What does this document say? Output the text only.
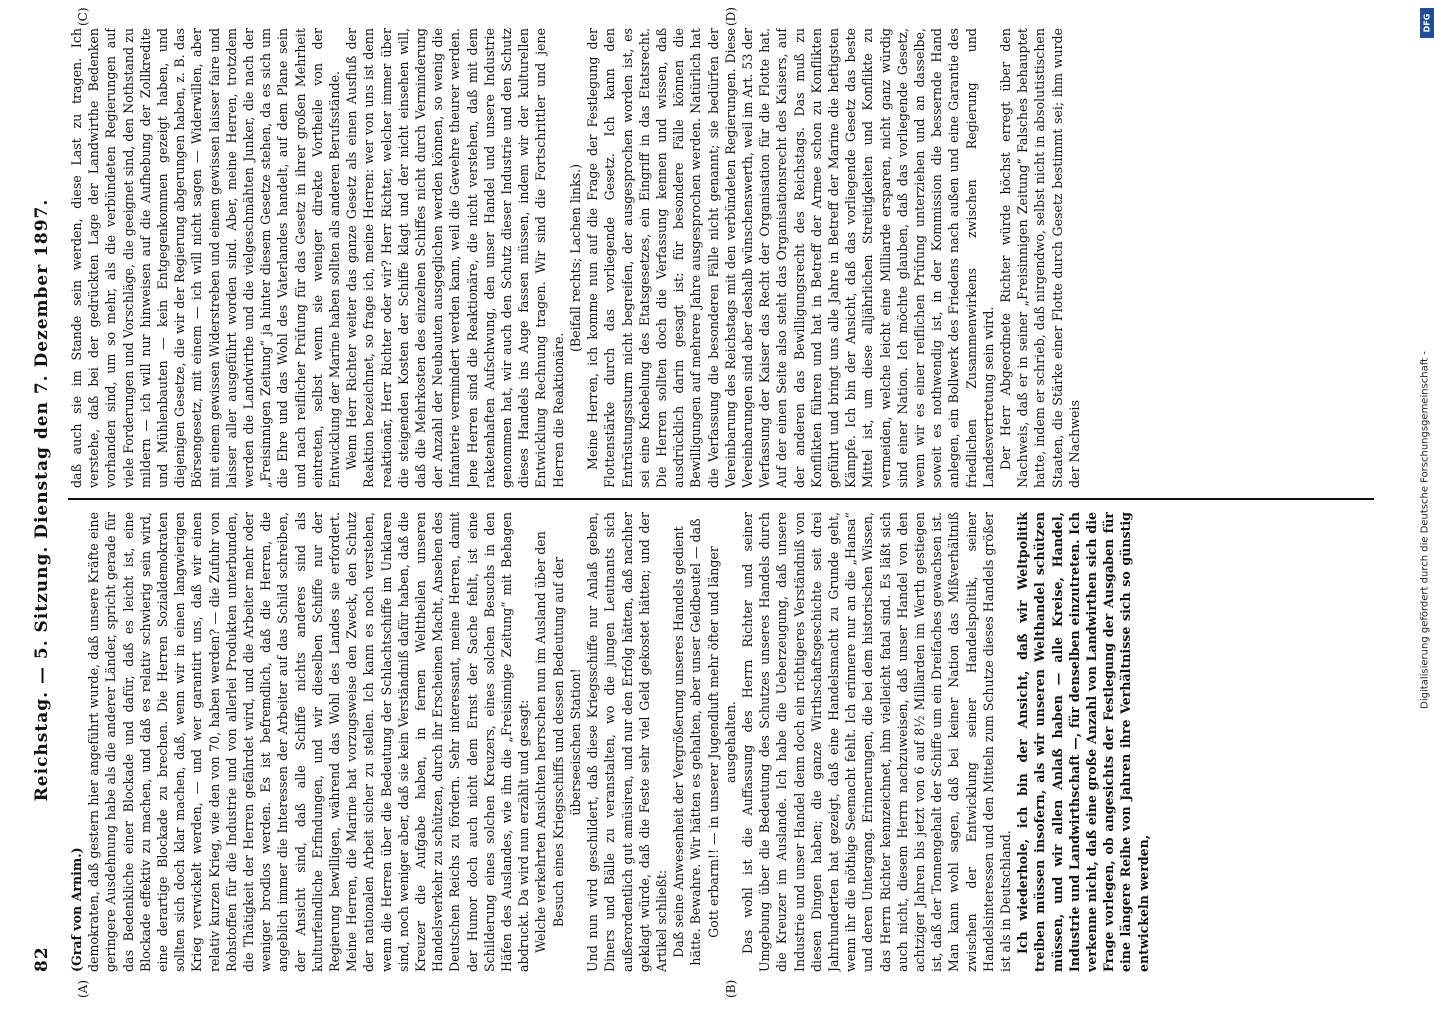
82
Reichstag. — 5. Sitzung. Dienstag den 7. Dezember 1897.
(A)	(B)
(C)	(D)

(Graf von Arnim.) demokraten, daß gestern hier angeführt wurde, daß unsere Kräfte eine geringere Ausdehnung habe als die anderer Länder, spricht gerade für das Bedenkliche einer Blockade und dafür, daß es leicht ist, eine Blockade effektiv zu machen, und daß es relativ schwierig sein wird, eine derartige Blockade zu brechen. Die Herren Sozialdemokraten sollten sich doch klar machen, daß, wenn wir in einen langwierigen Krieg verwickelt werden, — und wer garantirt uns, daß wir einen relativ kurzen Krieg, wie den von 70, haben werden? — die Zufuhr von Rohstoffen für die Industrie und von allerlei Produkten unterbunden, die Thätigkeit der Herren gefährdet wird, und die Arbeiter mehr oder weniger brodlos werden. Es ist befremdlich, daß die Herren, die angeblich immer die Interessen der Arbeiter auf das Schild schreiben, der Ansicht sind, daß alle Schiffe nichts anderes sind als kulturfeindliche Erfindungen, und wir dieselben Schiffe nur der Regierung bewilligen, während das Wohl des Landes sie erfordert. Meine Herren, die Marine hat vorzugsweise den Zweck, den Schutz der nationalen Arbeit sicher zu stellen. Ich kann es noch verstehen, wenn die Herren über die Bedeutung der Schlachtschiffe im Unklaren sind, noch weniger aber, daß sie kein Verständniß dafür haben, daß die Kreuzer die Aufgabe haben, in fernen Welttheilen unseren Handelsverkehr zu schützen, durch ihr Erscheinen Macht, Ansehen des Deutschen Reichs zu fördern. Sehr interessant, meine Herren, damit der Humor doch auch nicht dem Ernst der Sache fehlt, ist eine Schilderung eines solchen Kreuzers, eines solchen Besuchs in den Häfen des Auslandes, wie ihn die „Freisinnige Zeitung“ mit Behagen abdruckt. Da wird nun erzählt und gesagt: Welche verkehrten Ansichten herrschen nun im Ausland über den Besuch eines Kriegsschiffs und dessen Bedeutung auf der überseeischen Station! Und nun wird geschildert, daß diese Kriegsschiffe nur Anlaß geben, Diners und Bälle zu veranstalten, wo die jungen Leutnants sich außerordentlich gut amüsiren, und nur den Erfolg hätten, daß nachher geklagt würde, daß die Feste sehr viel Geld gekostet hätten; und der Artikel schließt: Daß seine Anwesenheit der Vergrößerung unseres Handels gedient hätte. Bewahre. Wir hätten es gehalten, aber unser Geldbeutel — daß Gott erbarm!! — in unserer Jugendluft mehr öfter und länger ausgehalten. Das wohl ist die Auffassung des Herrn Richter und seiner Umgebung über die Bedeutung des Schutzes unseres Handels durch die Kreuzer im Auslande. Ich habe die Ueberzeugung, daß unsere Industrie und unser Handel denn doch ein richtigeres Verständniß von diesen Dingen haben; die ganze Wirthschaftsgeschichte seit drei Jahrhunderten hat gezeigt, daß eine Handelsmacht zu Grunde geht, wenn ihr die nöthige Seemacht fehlt. Ich erinnere nur an die „Hansa“ und deren Untergang. Erinnerungen, die bei dem historischen Wissen, das Herrn Richter kennzeichnet, ihm vielleicht fatal sind. Es läßt sich auch nicht, diesem Herrn nachzuweisen, daß unser Handel von den achtziger Jahren bis jetzt von 6 auf 8½ Milliarden im Werth gestiegen ist, daß der Tonnengehalt der Schiffe um ein Dreifaches gewachsen ist. Man kann wohl sagen, daß bei keiner Nation das Mißverhältniß zwischen der Entwicklung seiner Handelspolitik, seiner Handelsinteressen und den Mitteln zum Schutze dieses Handels größer ist als in Deutschland. Ich wiederhole, ich bin der Ansicht, daß wir Weltpolitik treiben müssen insofern, als wir unseren Welthandel schützen müssen, und wir allen Anlaß haben — alle Kreise, Handel, Industrie und Landwirthschaft —, für denselben einzutreten. Ich verkenne nicht, daß eine große Anzahl von Landwirthen sich die Frage vorlegen, ob angesichts der Festlegung der Ausgaben für eine längere Reihe von Jahren ihre Verhältnisse sich so günstig entwickeln werden,

daß auch sie im Stande sein werden, diese Last zu tragen. Ich verstehe, daß bei der gedrückten Lage der Landwirthe Bedenken vorhanden sind, um so mehr, als die verbündeten Regierungen auf viele Forderungen und Vorschläge, die geeignet sind, den Nothstand zu mildern — ich will nur hinweisen auf die Aufhebung der Zollkredite und Mühlenbauten — kein Entgegenkommen gezeigt haben, und diejenigen Gesetze, die wir der Regierung abgerungen haben, z. B. das Börsengesetz, mit einem — ich will nicht sagen — Widerwillen, aber mit einem gewissen Widerstreben und einem gewissen laisser faire und laisser aller ausgeführt worden sind. Aber, meine Herren, trotzdem werden die Landwirthe und die vielgeschmähten Junker, die nach der „Freisinnigen Zeitung“ ja hinter diesem Gesetze stehen, da es sich um die Ehre und das Wohl des Vaterlandes handelt, auf dem Plane sein und nach reiflicher Prüfung für das Gesetz in ihrer großen Mehrheit eintreten, selbst wenn sie weniger direkte Vortheile von der Entwicklung der Marine haben sollten als anderen Berufsstände. Wenn Herr Richter weiter das ganze Gesetz als einen Ausfluß der Reaktion bezeichnet, so frage ich, meine Herren: wer von uns ist denn reaktionär, Herr Richter oder wir? Herr Richter, welcher immer über die steigenden Kosten der Schiffe klagt und der nicht einsehen will, daß die Mehrkosten des einzelnen Schiffes nicht durch Verminderung der Anzahl der Neubauten ausgeglichen werden können, so wenig die Infanterie vermindert werden kann, weil die Gewehre theurer werden. Jene Herren sind die Reaktionäre, die nicht verstehen, daß mit dem raketenhaften Aufschwung, den unser Handel und unsere Industrie genommen hat, wir auch den Schutz dieser Industrie und den Schutz dieses Handels ins Auge fassen müssen, indem wir der kulturellen Entwicklung Rechnung tragen. Wir sind die Fortschrittler und jene Herren die Reaktionäre.

(Beifall rechts; Lachen links.) Meine Herren, ich komme nun auf die Frage der Festlegung der Flottenstärke durch das vorliegende Gesetz. Ich kann den Entrüstungssturm nicht begreifen, der ausgesprochen worden ist, es sei eine Knebelung des Etatsgesetzes, ein Eingriff in das Etatsrecht. Die Herren sollten doch die Verfassung kennen und wissen, daß ausdrücklich darin gesagt ist: für besondere Fälle können die Bewilligungen auf mehrere Jahre ausgesprochen werden. Natürlich hat die Verfassung die besonderen Fälle nicht genannt; sie bedürfen der Vereinbarung des Reichstags mit den verbündeten Regierungen. Diese Vereinbarungen sind aber deshalb wünschenswerth, weil im Art. 53 der Verfassung der Kaiser das Recht der Organisation für die Flotte hat. Auf der einen Seite also steht das Organisationsrecht des Kaisers, auf der anderen das Bewilligungsrecht des Reichstags. Das muß zu Konflikten führen und hat in Betreff der Armee schon zu Konflikten geführt und bringt uns alle Jahre in Betreff der Marine die heftigsten Kämpfe. Ich bin der Ansicht, daß das vorliegende Gesetz das beste Mittel ist, um diese alljährlichen Streitigkeiten und Konflikte zu vermeiden, welche leicht eine Milliarde ersparen, nicht ganz würdig sind einer Nation. Ich möchte glauben, daß das vorliegende Gesetz, wenn wir es einer reiflichen Prüfung unterziehen und an dasselbe, soweit es nothwendig ist, in der Kommission die bessernde Hand anlegen, ein Bollwerk des Friedens nach außen und eine Garantie des friedlichen Zusammenwirkens zwischen Regierung und Landesvertretung sein wird. Der Herr Abgeordnete Richter würde höchst erregt über den Nachweis, daß er in seiner „Freisinnigen Zeitung“ Falsches behauptet hatte, indem er schrieb, daß nirgendwo, selbst nicht in absolutistischen Staaten, die Stärke einer Flotte durch Gesetz bestimmt sei; ihm wurde der Nachweis

DFG
Digitalisierung gefördert durch die Deutsche Forschungsgemeinschaft -
